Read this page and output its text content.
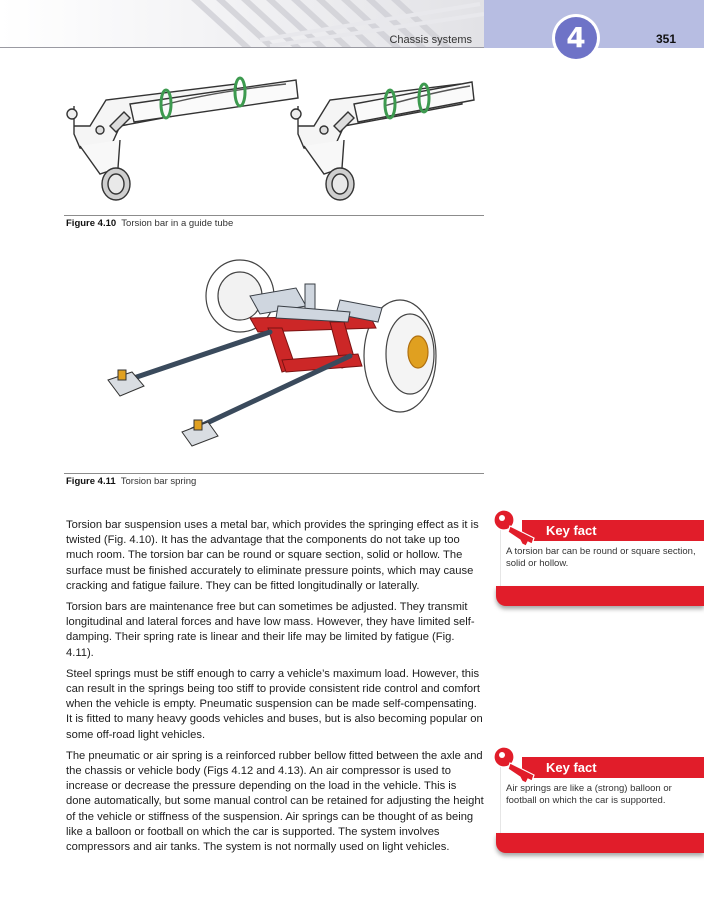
Chassis systems	4	351
Figure 4.10 Torsion bar in a guide tube
Figure 4.11 Torsion bar spring

Torsion bar suspension uses a metal bar, which provides the springing effect as it is twisted (Fig. 4.10). It has the advantage that the components do not take up too much room. The torsion bar can be round or square section, solid or hollow. The surface must be finished accurately to eliminate pressure points, which may cause cracking and fatigue failure. They can be fitted longitudinally or laterally.

Torsion bars are maintenance free but can sometimes be adjusted. They transmit longitudinal and lateral forces and have low mass. However, they have limited self-damping. Their spring rate is linear and their life may be limited by fatigue (Fig. 4.11).

Steel springs must be stiff enough to carry a vehicle’s maximum load. However, this can result in the springs being too stiff to provide consistent ride control and comfort when the vehicle is empty. Pneumatic suspension can be made self-compensating. It is fitted to many heavy goods vehicles and buses, but is also becoming popular on some off-road light vehicles.

The pneumatic or air spring is a reinforced rubber bellow fitted between the axle and the chassis or vehicle body (Figs 4.12 and 4.13). An air compressor is used to increase or decrease the pressure depending on the load in the vehicle. This is done automatically, but some manual control can be retained for adjusting the height of the vehicle or stiffness of the suspension. Air springs can be thought of as being like a balloon or football on which the car is supported. The system involves compressors and air tanks. The system is not normally used on light vehicles.

Key fact
A torsion bar can be round or square section, solid or hollow.
Key fact
Air springs are like a (strong) balloon or football on which the car is supported.
